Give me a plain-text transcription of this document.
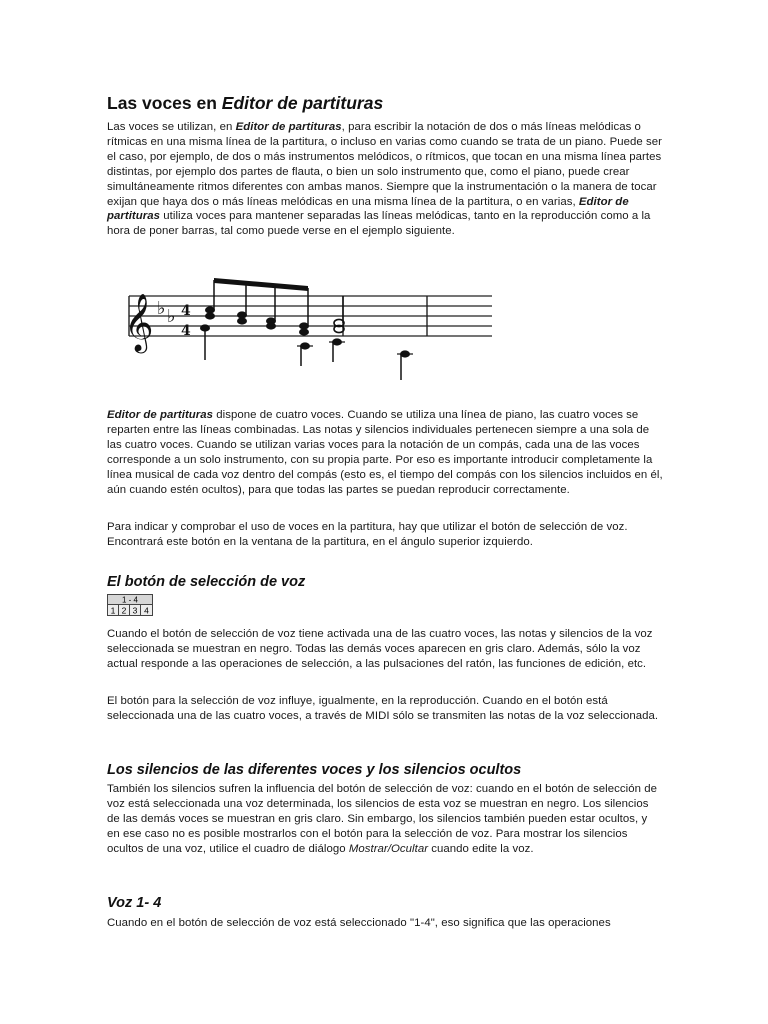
Las voces en Editor de partituras

Las voces se utilizan, en Editor de partituras, para escribir la notación de dos o más líneas melódicas o rítmicas en una misma línea de la partitura, o incluso en varias como cuando se trata de un piano. Puede ser el caso, por ejemplo, de dos o más instrumentos melódicos, o rítmicos, que tocan en una misma línea partes distintas, por ejemplo dos partes de flauta, o bien un solo instrumento que, como el piano, puede crear simultáneamente ritmos diferentes con ambas manos. Siempre que la instrumentación o la manera de tocar exijan que haya dos o más líneas melódicas en una misma línea de la partitura, o en varias, Editor de partituras utiliza voces para mantener separadas las líneas melódicas, tanto en la reproducción como a la hora de poner barras, tal como puede verse en el ejemplo siguiente.

𝄞 ♭ ♭ 4
4

Editor de partituras dispone de cuatro voces. Cuando se utiliza una línea de piano, las cuatro voces se reparten entre las líneas combinadas. Las notas y silencios individuales pertenecen siempre a una sola de las cuatro voces. Cuando se utilizan varias voces para la notación de un compás, cada una de las voces corresponde a un solo instrumento, con su propia parte. Por eso es importante introducir completamente la línea musical de cada voz dentro del compás (esto es, el tiempo del compás con los silencios incluidos en él, aún cuando estén ocultos), para que todas las partes se puedan reproducir correctamente.

Para indicar y comprobar el uso de voces en la partitura, hay que utilizar el botón de selección de voz. Encontrará este botón en la ventana de la partitura, en el ángulo superior izquierdo.

El botón de selección de voz
1 - 4
1 2 3 4

Cuando el botón de selección de voz tiene activada una de las cuatro voces, las notas y silencios de la voz seleccionada se muestran en negro. Todas las demás voces aparecen en gris claro. Además, sólo la voz actual responde a las operaciones de selección, a las pulsaciones del ratón, las funciones de edición, etc.

El botón para la selección de voz influye, igualmente, en la reproducción. Cuando en el botón está seleccionada una de las cuatro voces, a través de MIDI sólo se transmiten las notas de la voz seleccionada.

Los silencios de las diferentes voces y los silencios ocultos

También los silencios sufren la influencia del botón de selección de voz: cuando en el botón de selección de voz está seleccionada una voz determinada, los silencios de esta voz se muestran en negro. Los silencios de las demás voces se muestran en gris claro. Sin embargo, los silencios también pueden estar ocultos, y en ese caso no es posible mostrarlos con el botón para la selección de voz. Para mostrar los silencios ocultos de una voz, utilice el cuadro de diálogo Mostrar/Ocultar cuando edite la voz.

Voz 1- 4

Cuando en el botón de selección de voz está seleccionado "1-4", eso significa que las operaciones
